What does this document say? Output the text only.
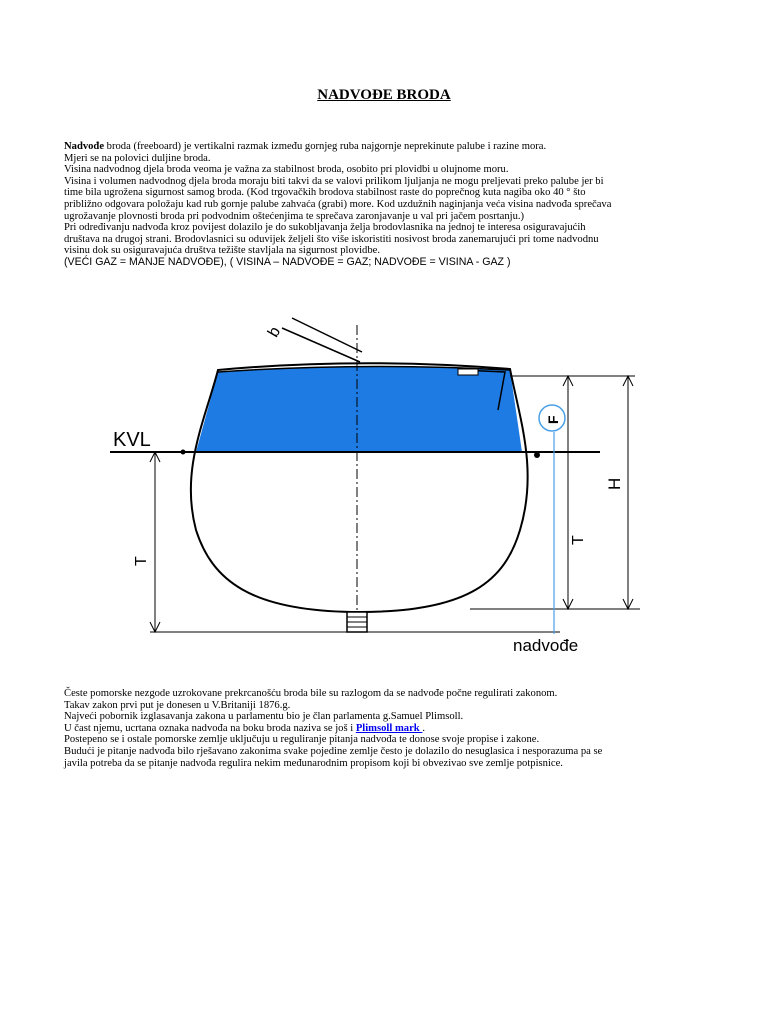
NADVOĐE BRODA
Nadvođe broda (freeboard) je vertikalni razmak između gornjeg ruba najgornje neprekinute palube i razine mora.
Mjeri se na polovici duljine broda.
Visina nadvodnog djela broda veoma je važna za stabilnost broda, osobito pri plovidbi u olujnome moru.
Visina i volumen nadvodnog djela broda moraju biti takvi da se valovi prilikom ljuljanja ne mogu preljevati preko palube jer bi
time bila ugrožena sigurnost samog broda. (Kod trgovačkih brodova stabilnost raste do poprečnog kuta nagiba oko 40 ° što
približno odgovara položaju kad rub gornje palube zahvaća (grabi) more. Kod uzdužnih naginjanja veća visina nadvođa sprečava
ugrožavanje plovnosti broda pri podvodnim oštećenjima te sprečava zaronjavanje u val pri jačem posrtanju.)
Pri određivanju nadvođa kroz povijest dolazilo je do sukobljavanja želja brodovlasnika na jednoj te interesa osiguravajućih
društava na drugoj strani. Brodovlasnici su oduvijek željeli što više iskoristiti nosivost broda zanemarujući pri tome nadvodnu
visinu dok su osiguravajuća društva težište stavljala na sigurnost plovidbe.
(VEĆI GAZ = MANJE NADVOĐE), ( VISINA – NADVOĐE = GAZ; NADVOĐE = VISINA - GAZ )
b
T
T
H
F
KVL
nadvođe
Česte pomorske nezgode uzrokovane prekrcanošću broda bile su razlogom da se nadvođe počne regulirati zakonom.
Takav zakon prvi put je donesen u V.Britaniji 1876.g.
Najveći pobornik izglasavanja zakona u parlamentu bio je član parlamenta g.Samuel Plimsoll.
U čast njemu, ucrtana oznaka nadvođa na boku broda naziva se još i Plimsoll mark .
Postepeno se i ostale pomorske zemlje uključuju u reguliranje pitanja nadvođa te donose svoje propise i zakone.
Budući je pitanje nadvođa bilo rješavano zakonima svake pojedine zemlje često je dolazilo do nesuglasica i nesporazuma pa se
javila potreba da se pitanje nadvođa regulira nekim međunarodnim propisom koji bi obvezivao sve zemlje potpisnice.
